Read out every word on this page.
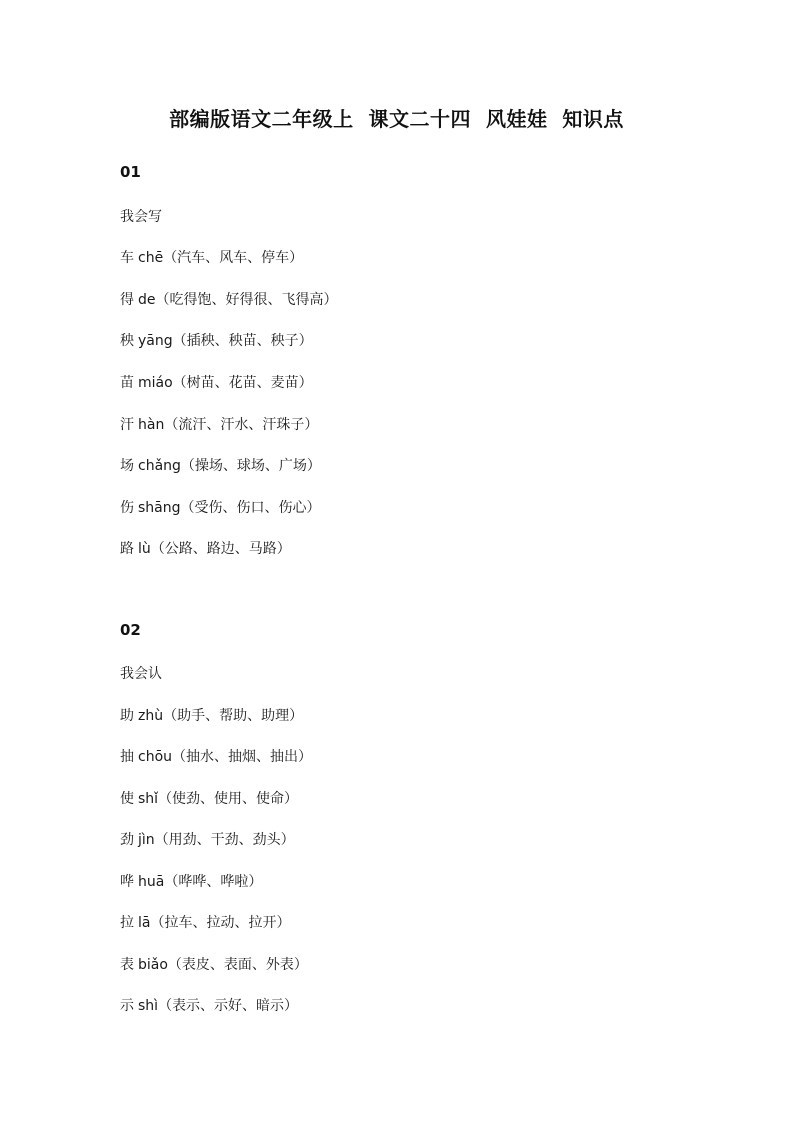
部编版语文二年级上  课文二十四  风娃娃  知识点
01
我会写
车 chē（汽车、风车、停车）
得 de（吃得饱、好得很、飞得高）
秧 yāng（插秧、秧苗、秧子）
苗 miáo（树苗、花苗、麦苗）
汗 hàn（流汗、汗水、汗珠子）
场 chǎng（操场、球场、广场）
伤 shāng（受伤、伤口、伤心）
路 lù（公路、路边、马路）
02
我会认
助 zhù（助手、帮助、助理）
抽 chōu（抽水、抽烟、抽出）
使 shǐ（使劲、使用、使命）
劲 jìn（用劲、干劲、劲头）
哗 huā（哗哗、哗啦）
拉 lā（拉车、拉动、拉开）
表 biǎo（表皮、表面、外表）
示 shì（表示、示好、暗示）
